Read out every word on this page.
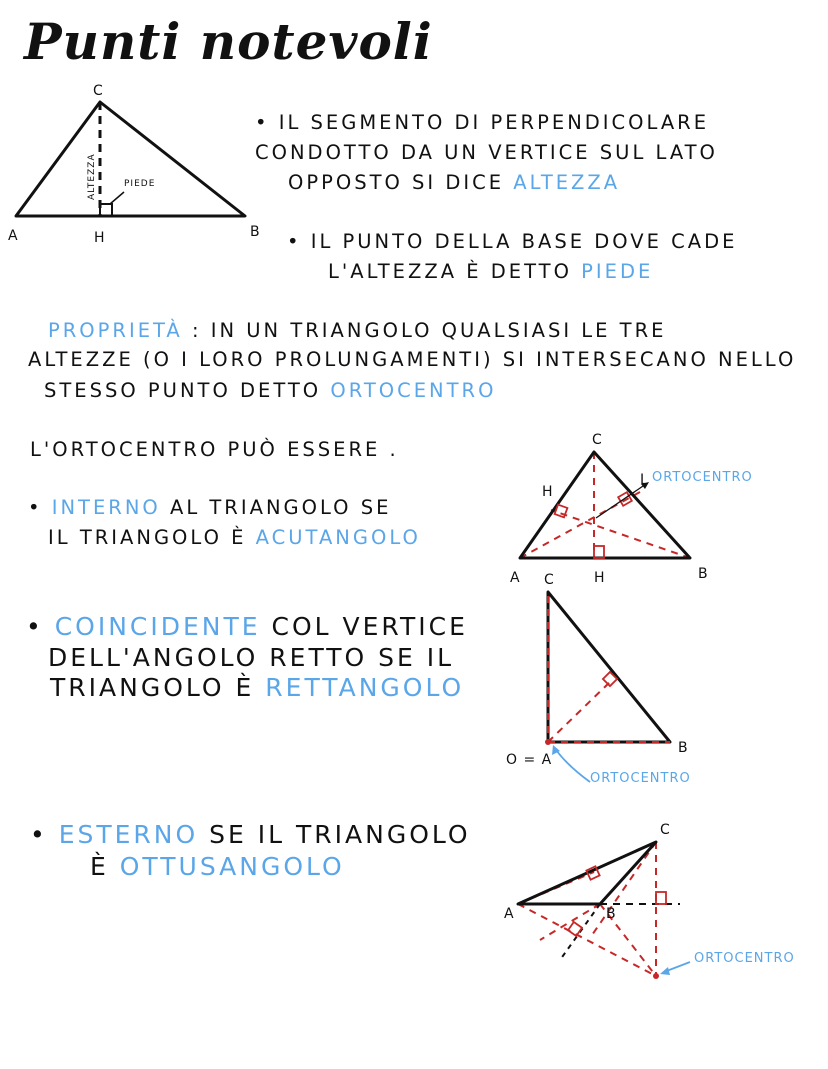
Punti notevoli
C
A	H	B
ALTEZZA	PIEDE
• IL SEGMENTO DI PERPENDICOLARE
CONDOTTO DA UN VERTICE SUL LATO
OPPOSTO SI DICE ALTEZZA
• IL PUNTO DELLA BASE DOVE CADE
L'ALTEZZA È DETTO PIEDE
PROPRIETÀ : IN UN TRIANGOLO QUALSIASI LE TRE
ALTEZZE (O I LORO PROLUNGAMENTI) SI INTERSECANO NELLO
STESSO PUNTO DETTO ORTOCENTRO
L'ORTOCENTRO PUÒ ESSERE .
• INTERNO AL TRIANGOLO SE
IL TRIANGOLO È ACUTANGOLO
• COINCIDENTE COL VERTICE
DELL'ANGOLO RETTO SE IL
TRIANGOLO È RETTANGOLO
• ESTERNO SE IL TRIANGOLO
È OTTUSANGOLO
C
H
L
A	H	B
ORTOCENTRO
C
O = A
B
ORTOCENTRO
C
A	B
ORTOCENTRO
